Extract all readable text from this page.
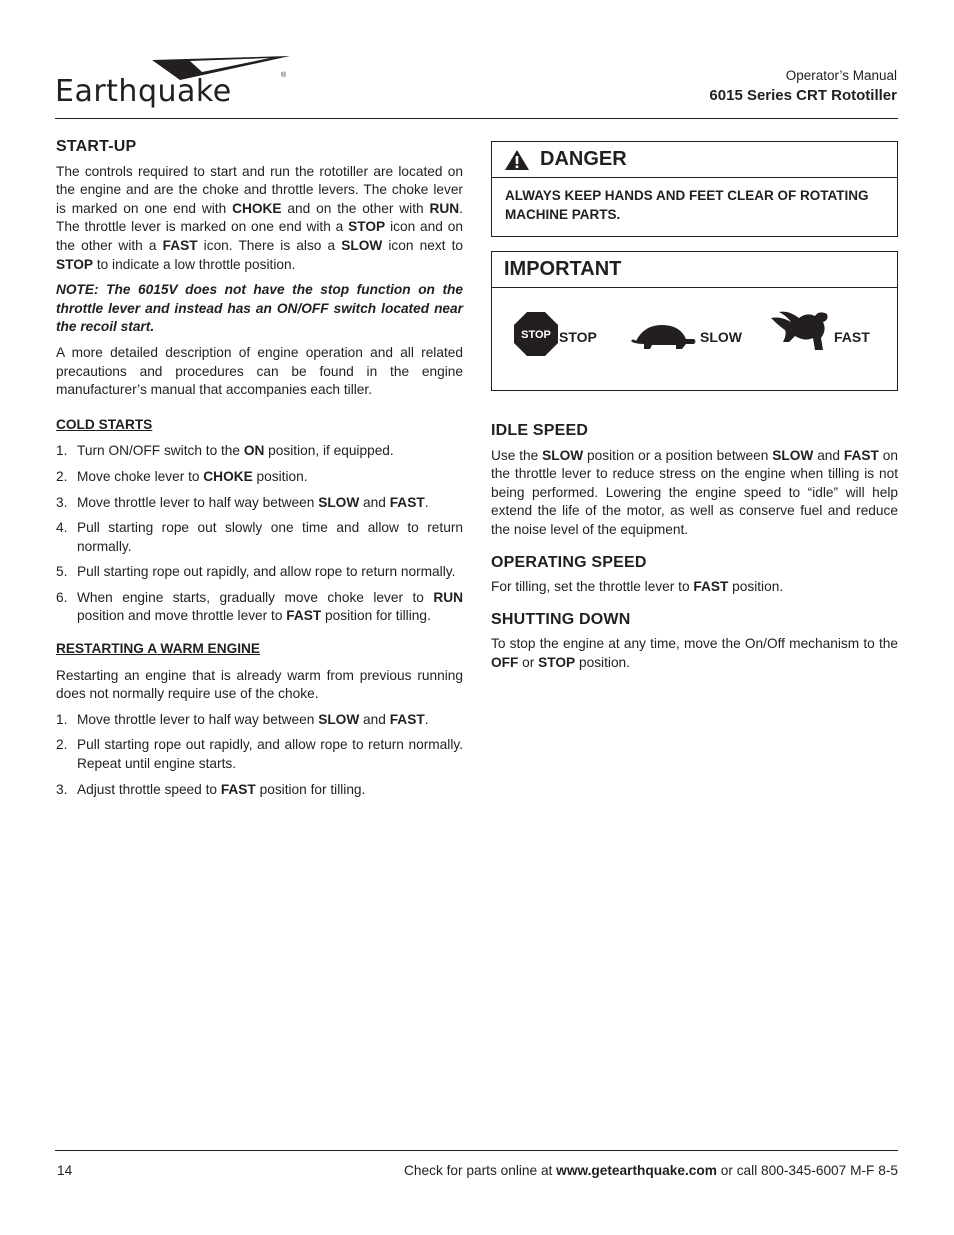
Earthquake	®	Operator’s Manual
6015 Series CRT Rototiller
START-UP

The controls required to start and run the rototiller are located on the engine and are the choke and throttle levers. The choke lever is marked on one end with CHOKE and on the other with RUN. The throttle lever is marked on one end with a STOP icon and on the other with a FAST icon. There is also a SLOW icon next to STOP to indicate a low throttle position.

NOTE: The 6015V does not have the stop function on the throttle lever and instead has an ON/OFF switch located near the recoil start.

A more detailed description of engine operation and all related precautions and procedures can be found in the engine manufacturer’s manual that accompanies each tiller.

COLD STARTS
1. Turn ON/OFF switch to the ON position, if equipped.
2. Move choke lever to CHOKE position.
3. Move throttle lever to half way between SLOW and FAST.
4. Pull starting rope out slowly one time and allow to return normally.
5. Pull starting rope out rapidly, and allow rope to return normally.
6. When engine starts, gradually move choke lever to RUN position and move throttle lever to FAST position for tilling.
RESTARTING A WARM ENGINE

Restarting an engine that is already warm from previous running does not normally require use of the choke.

1. Move throttle lever to half way between SLOW and FAST.
2. Pull starting rope out rapidly, and allow rope to return normally. Repeat until engine starts.
3. Adjust throttle speed to FAST position for tilling.
DANGER
ALWAYS KEEP HANDS AND FEET CLEAR OF ROTATING MACHINE PARTS.
IMPORTANT
STOP STOP	SLOW	FAST
IDLE SPEED

Use the SLOW position or a position between SLOW and FAST on the throttle lever to reduce stress on the engine when tilling is not being performed. Lowering the engine speed to “idle” will help extend the life of the motor, as well as conserve fuel and reduce the noise level of the equipment.

OPERATING SPEED

For tilling, set the throttle lever to FAST position.

SHUTTING DOWN

To stop the engine at any time, move the On/Off mechanism to the OFF or STOP position.

14	Check for parts online at www.getearthquake.com or call 800-345-6007 M-F 8-5
